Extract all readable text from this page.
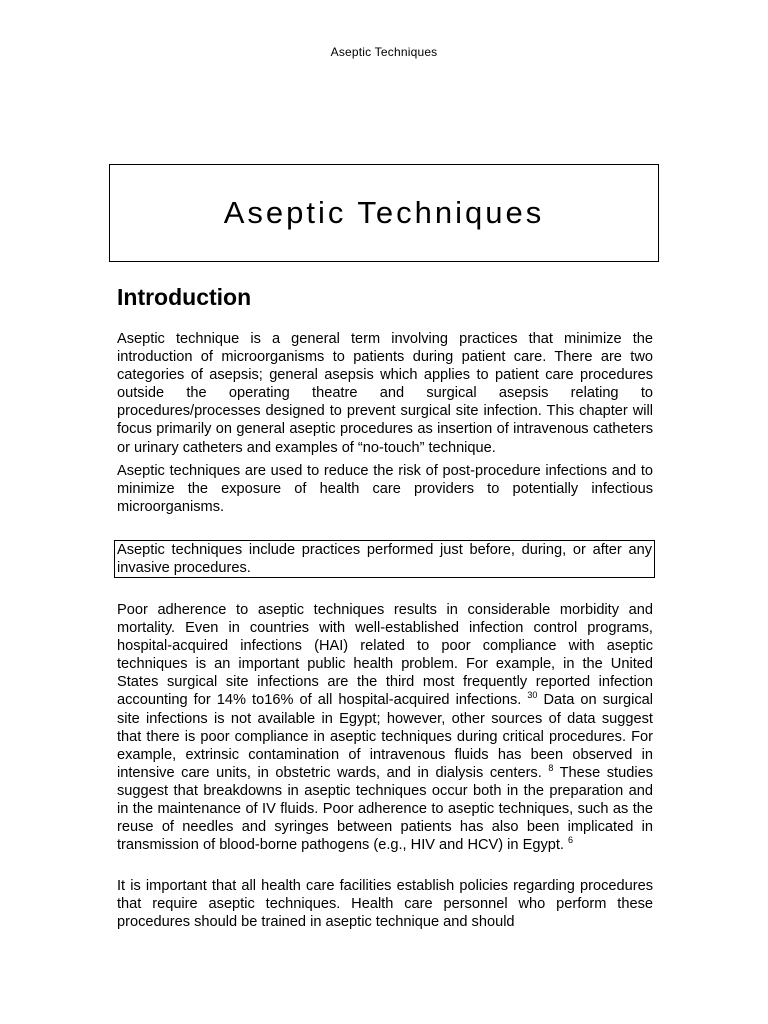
Aseptic Techniques
Aseptic Techniques
Introduction

Aseptic technique is a general term involving practices that minimize the introduction of microorganisms to patients during patient care. There are two categories of asepsis; general asepsis which applies to patient care procedures outside the operating theatre and surgical asepsis relating to procedures/processes designed to prevent surgical site infection. This chapter will focus primarily on general aseptic procedures as insertion of intravenous catheters or urinary catheters and examples of “no-touch” technique.

Aseptic techniques are used to reduce the risk of post-procedure infections and to minimize the exposure of health care providers to potentially infectious microorganisms.

Aseptic techniques include practices performed just before, during, or after any invasive procedures.

Poor adherence to aseptic techniques results in considerable morbidity and mortality. Even in countries with well-established infection control programs, hospital-acquired infections (HAI) related to poor compliance with aseptic techniques is an important public health problem. For example, in the United States surgical site infections are the third most frequently reported infection accounting for 14% to16% of all hospital-acquired infections. $^{30}$ Data on surgical site infections is not available in Egypt; however, other sources of data suggest that there is poor compliance in aseptic techniques during critical procedures. For example, extrinsic contamination of intravenous fluids has been observed in intensive care units, in obstetric wards, and in dialysis centers. $^8$ These studies suggest that breakdowns in aseptic techniques occur both in the preparation and in the maintenance of IV fluids. Poor adherence to aseptic techniques, such as the reuse of needles and syringes between patients has also been implicated in transmission of blood-borne pathogens (e.g., HIV and HCV) in Egypt. $^6$

It is important that all health care facilities establish policies regarding procedures that require aseptic techniques. Health care personnel who perform these procedures should be trained in aseptic technique and should
